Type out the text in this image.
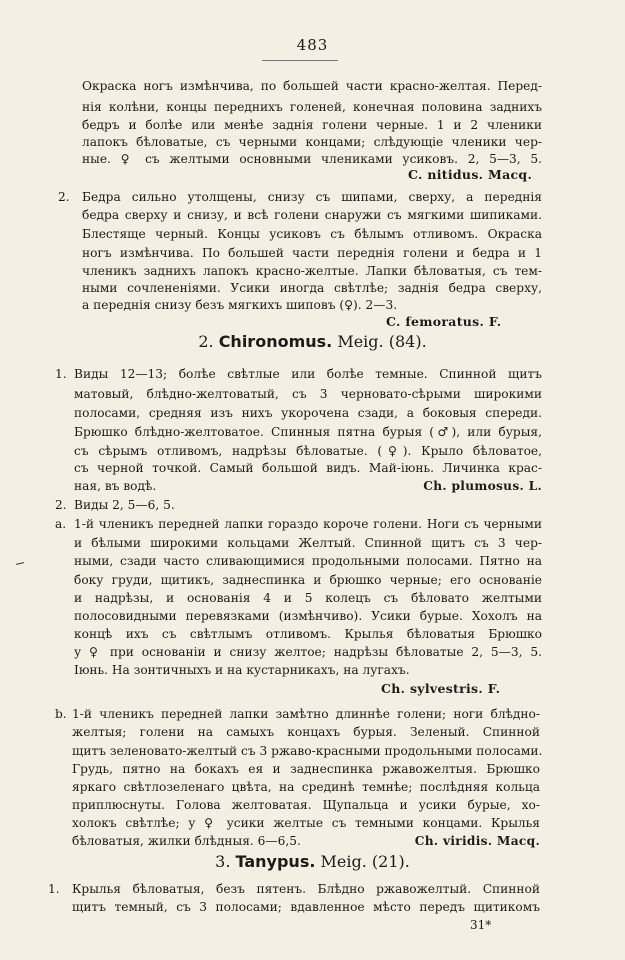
483
Окраска ногъ измѣнчива, по большей части красно-желтая. Перед-
нія колѣни, концы переднихъ голеней, конечная половина заднихъ
бедръ и болѣе или менѣе заднія голени черные. 1 и 2 членики
лапокъ бѣловатые, съ черными концами; слѣдующіе членики чер-
ные. ♀ съ желтыми основными члениками усиковъ. 2, 5—3, 5.
C. nitidus. Macq.
2. Бедра сильно утолщены, снизу съ шипами, сверху, а переднія
бедра сверху и снизу, и всѣ голени снаружи съ мягкими шипиками.
Блестяще черный. Концы усиковъ съ бѣлымъ отливомъ. Окраска
ногъ измѣнчива. По большей части переднія голени и бедра и 1
членикъ заднихъ лапокъ красно-желтые. Лапки бѣловатыя, съ тем-
ными сочлененіями. Усики иногда свѣтлѣе; заднія бедра сверху,
а переднія снизу безъ мягкихъ шиповъ (♀). 2—3.
C. femoratus. F.
2. Chironomus. Meig. (84).
1. Виды 12—13; болѣе свѣтлые или болѣе темные. Спинной щитъ
матовый, блѣдно-желтоватый, съ 3 черновато-сѣрыми широкими
полосами, средняя изъ нихъ укорочена сзади, а боковыя спереди.
Брюшко блѣдно-желтоватое. Спинныя пятна бурыя (♂), или бурыя,
съ сѣрымъ отливомъ, надрѣзы бѣловатые. (♀). Крыло бѣловатое,
съ черной точкой. Самый большой видъ. Май-іюнь. Личинка крас-
ная, въ водѣ.	Ch. plumosus. L.
2. Виды 2, 5—6, 5.
a. 1-й членикъ передней лапки гораздо короче голени. Ноги съ черными
и бѣлыми широкими кольцами Желтый. Спинной щитъ съ 3 чер-
ными, сзади часто сливающимися продольными полосами. Пятно на
боку груди, щитикъ, заднеспинка и брюшко черные; его основаніе
и надрѣзы, и основанія 4 и 5 колецъ съ бѣловато желтыми
полосовидными перевязками (измѣнчиво). Усики бурые. Хохолъ на
концѣ ихъ съ свѣтлымъ отливомъ. Крылья бѣловатыя Брюшко
у ♀ при основаніи и снизу желтое; надрѣзы бѣловатые 2, 5—3, 5.
Іюнь. На зонтичныхъ и на кустарникахъ, на лугахъ.
Ch. sylvestris. F.
b. 1-й членикъ передней лапки замѣтно длиннѣе голени; ноги блѣдно-
желтыя; голени на самыхъ концахъ бурыя. Зеленый. Спинной
щитъ зеленовато-желтый съ 3 ржаво-красными продольными полосами.
Грудь, пятно на бокахъ ея и заднеспинка ржавожелтыя. Брюшко
яркаго свѣтлозеленаго цвѣта, на срединѣ темнѣе; послѣдняя кольца
приплюснуты. Голова желтоватая. Щупальца и усики бурые, хо-
холокъ свѣтлѣе; у ♀ усики желтые съ темными концами. Крылья
бѣловатыя, жилки блѣдныя. 6—6,5.	Ch. viridis. Macq.
3. Tanypus. Meig. (21).
1. Крылья бѣловатыя, безъ пятенъ. Блѣдно ржавожелтый. Спинной
щитъ темный, съ 3 полосами; вдавленное мѣсто передъ щитикомъ
31*
